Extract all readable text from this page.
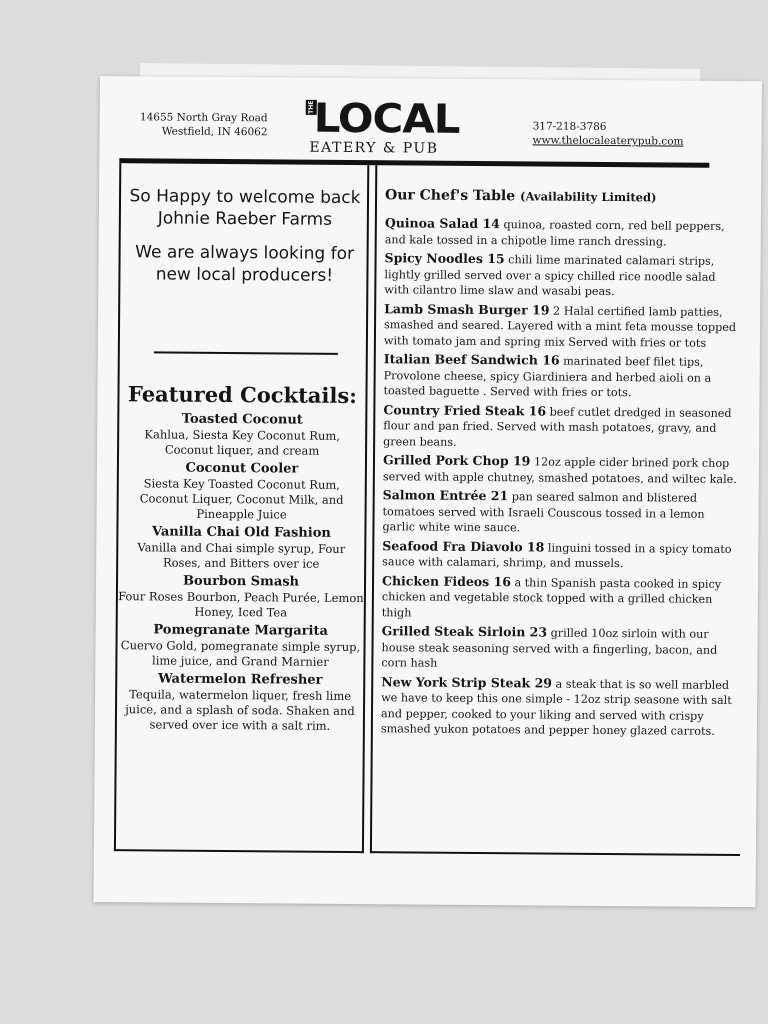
14655 North Gray Road
Westfield, IN 46062
THE
LOCAL
EATERY & PUB
317-218-3786
www.thelocaleaterypub.com

So Happy to welcome back Johnie Raeber Farms

We are always looking for new local producers!

Featured Cocktails:
Toasted Coconut
Kahlua, Siesta Key Coconut Rum, Coconut liquer, and cream
Coconut Cooler
Siesta Key Toasted Coconut Rum, Coconut Liquer, Coconut Milk, and Pineapple Juice
Vanilla Chai Old Fashion
Vanilla and Chai simple syrup, Four Roses, and Bitters over ice
Bourbon Smash
Four Roses Bourbon, Peach Purée, Lemon Honey, Iced Tea
Pomegranate Margarita
Cuervo Gold, pomegranate simple syrup, lime juice, and Grand Marnier
Watermelon Refresher
Tequila, watermelon liquer, fresh lime juice, and a splash of soda. Shaken and served over ice with a salt rim.
Our Chef's Table (Availability Limited)
Quinoa Salad 14 quinoa, roasted corn, red bell peppers, and kale tossed in a chipotle lime ranch dressing.
Spicy Noodles 15 chili lime marinated calamari strips, lightly grilled served over a spicy chilled rice noodle salad with cilantro lime slaw and wasabi peas.
Lamb Smash Burger 19 2 Halal certified lamb patties, smashed and seared. Layered with a mint feta mousse topped with tomato jam and spring mix Served with fries or tots
Italian Beef Sandwich 16 marinated beef filet tips, Provolone cheese, spicy Giardiniera and herbed aioli on a toasted baguette . Served with fries or tots.
Country Fried Steak 16 beef cutlet dredged in seasoned flour and pan fried. Served with mash potatoes, gravy, and green beans.
Grilled Pork Chop 19 12oz apple cider brined pork chop served with apple chutney, smashed potatoes, and wiltec kale.
Salmon Entrée 21 pan seared salmon and blistered tomatoes served with Israeli Couscous tossed in a lemon garlic white wine sauce.
Seafood Fra Diavolo 18 linguini tossed in a spicy tomato sauce with calamari, shrimp, and mussels.
Chicken Fideos 16 a thin Spanish pasta cooked in spicy chicken and vegetable stock topped with a grilled chicken thigh
Grilled Steak Sirloin 23 grilled 10oz sirloin with our house steak seasoning served with a fingerling, bacon, and corn hash
New York Strip Steak 29 a steak that is so well marbled we have to keep this one simple - 12oz strip seasone with salt and pepper, cooked to your liking and served with crispy smashed yukon potatoes and pepper honey glazed carrots.
